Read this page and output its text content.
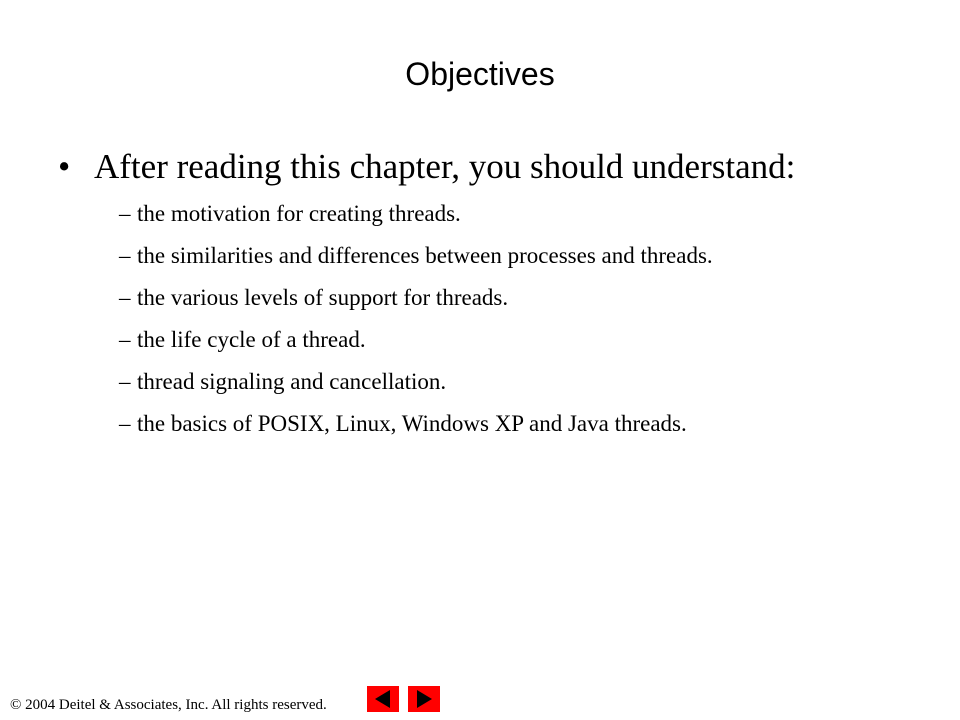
Objectives
• After reading this chapter, you should understand:
– the motivation for creating threads.
– the similarities and differences between processes and threads.
– the various levels of support for threads.
– the life cycle of a thread.
– thread signaling and cancellation.
– the basics of POSIX, Linux, Windows XP and Java threads.
© 2004 Deitel & Associates, Inc. All rights reserved.
